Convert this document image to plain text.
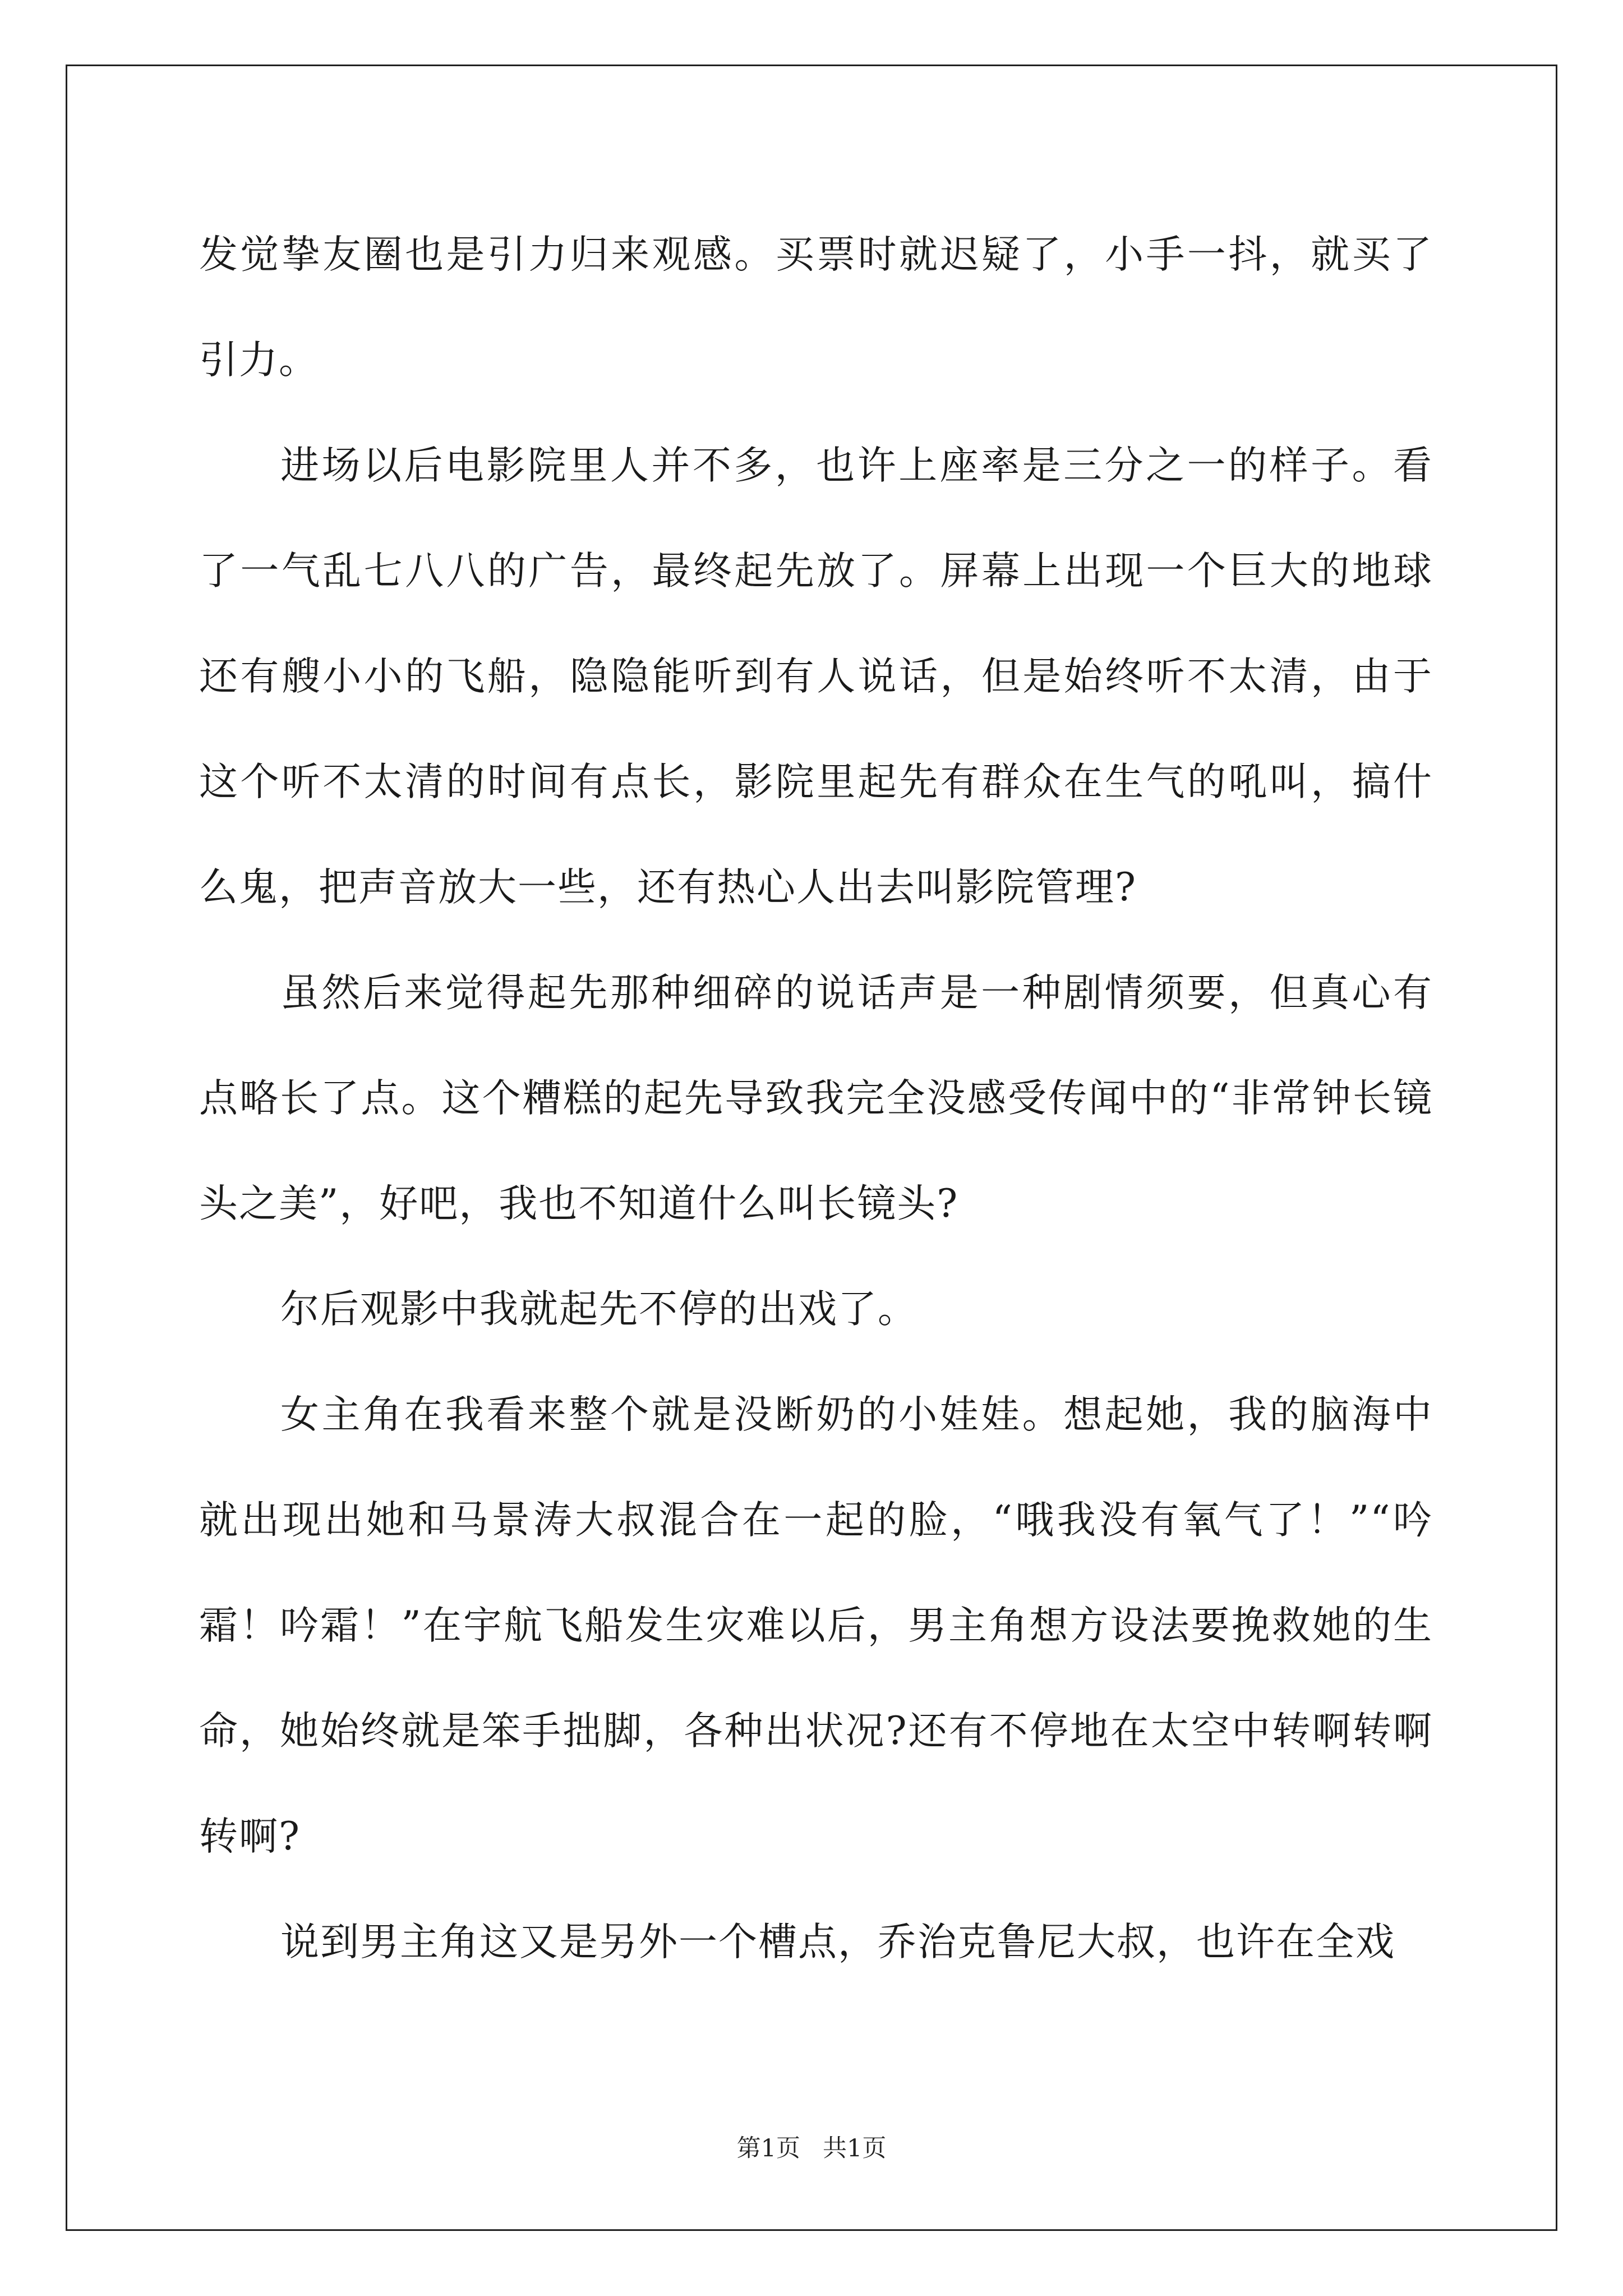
发觉挚友圈也是引力归来观感。买票时就迟疑了，小手一抖，就买了引力。

进场以后电影院里人并不多，也许上座率是三分之一的样子。看了一气乱七八八的广告，最终起先放了。屏幕上出现一个巨大的地球还有艘小小的飞船，隐隐能听到有人说话，但是始终听不太清，由于这个听不太清的时间有点长，影院里起先有群众在生气的吼叫，搞什么鬼，把声音放大一些，还有热心人出去叫影院管理?

虽然后来觉得起先那种细碎的说话声是一种剧情须要，但真心有点略长了点。这个糟糕的起先导致我完全没感受传闻中的“非常钟长镜头之美”，好吧，我也不知道什么叫长镜头?

尔后观影中我就起先不停的出戏了。

女主角在我看来整个就是没断奶的小娃娃。想起她，我的脑海中就出现出她和马景涛大叔混合在一起的脸，“哦我没有氧气了！”“吟霜！吟霜！”在宇航飞船发生灾难以后，男主角想方设法要挽救她的生命，她始终就是笨手拙脚，各种出状况?还有不停地在太空中转啊转啊转啊?

说到男主角这又是另外一个槽点，乔治克鲁尼大叔，也许在全戏

第1页 共1页
